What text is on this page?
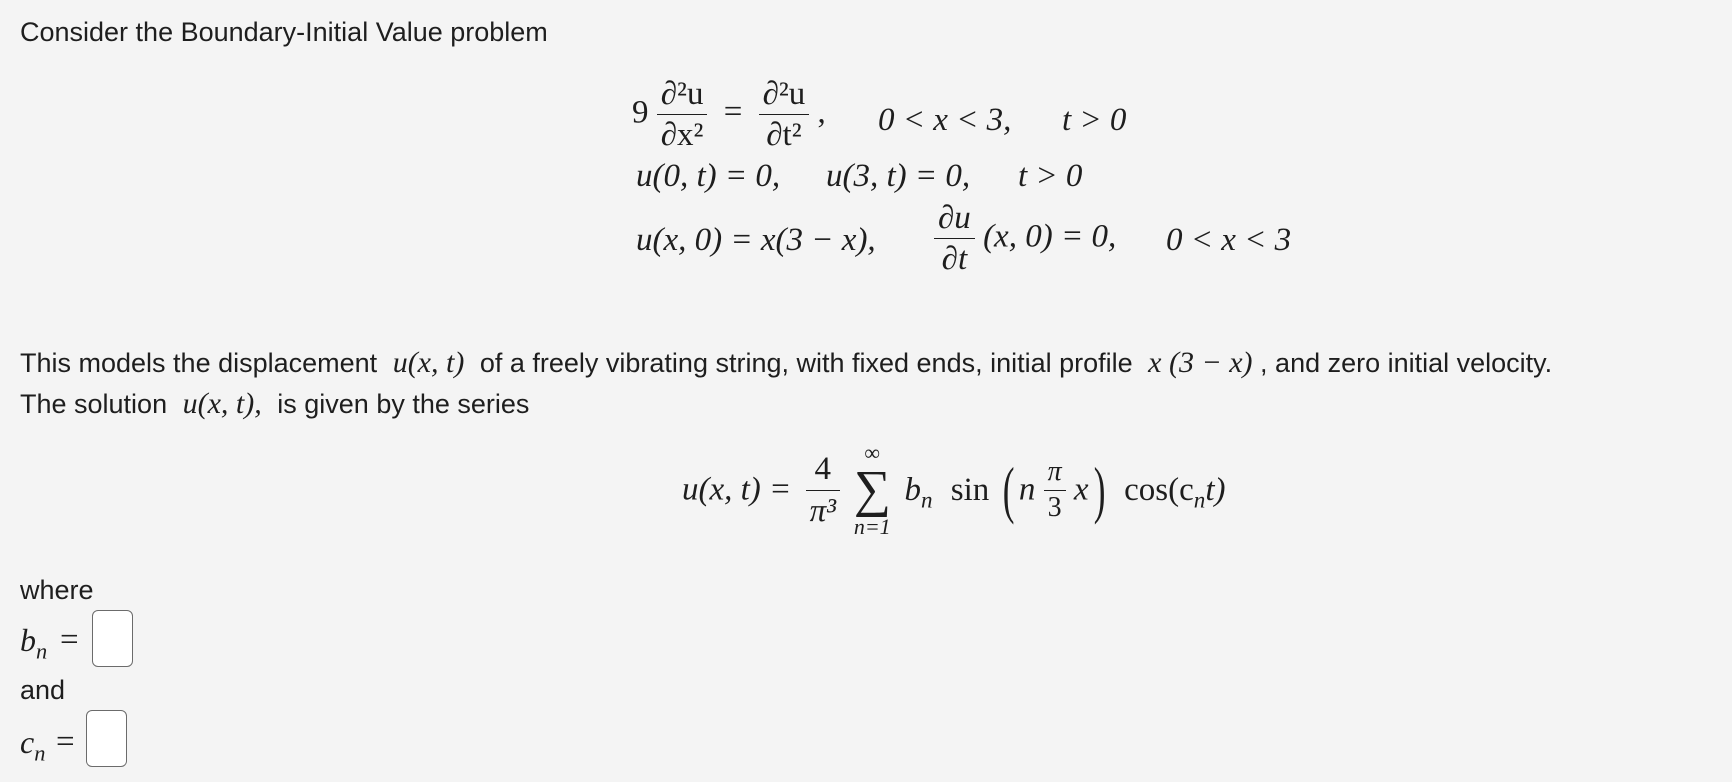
Consider the Boundary-Initial Value problem
$9 \frac{\text{∂²u}}{\text{∂x²}} = \frac{\text{∂²u}}{\text{∂t²}}$ , 0 < x < 3, t > 0
u(0, t) = 0, u(3, t) = 0, t > 0
u(x, 0) = x(3 − x), $\frac{\partial u}{\partial t} (x$, 0) = 0, 0 < x < 3
This models the displacement u(x, t) of a freely vibrating string, with fixed ends, initial profile x (3 − x) , and zero initial velocity.
The solution u(x, t), is given by the series
u(x, $t) = \frac{4}{\text{π³}}$
	∞
∑
n=1
$b_n$ sin ( n $\frac{\pi}{3} x$) $\cos(c_nt)$
where
$b_n$ =
and
$c_n$ =
